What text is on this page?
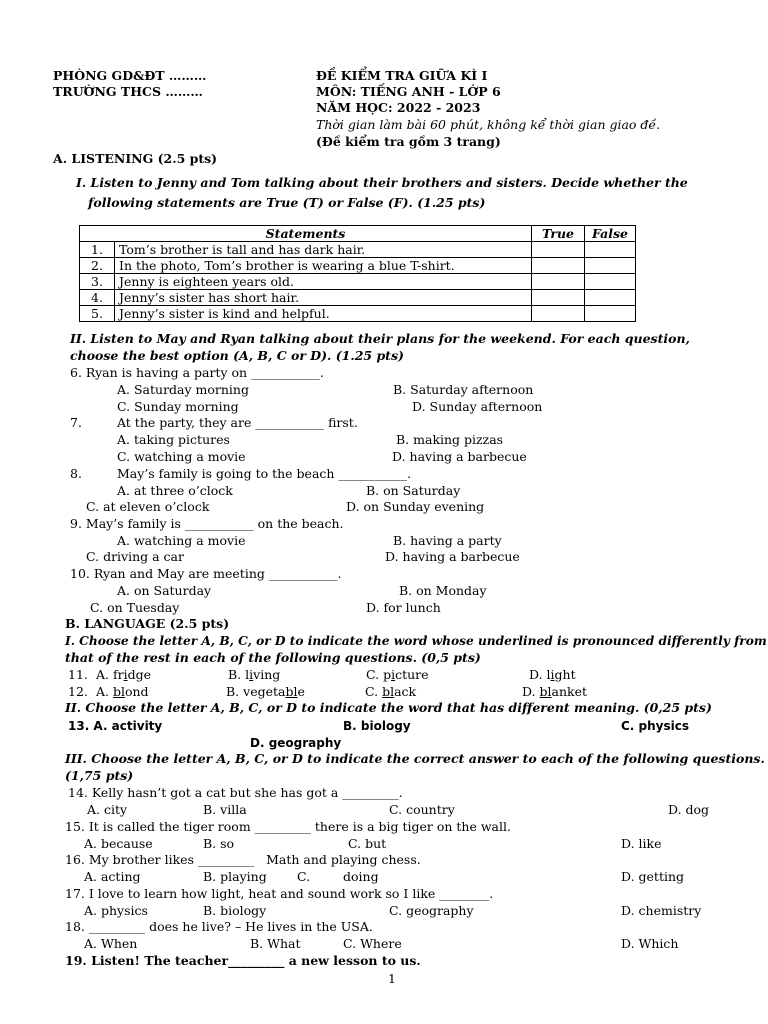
PHÒNG GD&ĐT ………
TRƯỜNG THCS ………
ĐỀ KIỂM TRA GIỮA KÌ I
MÔN: TIẾNG ANH - LỚP 6
NĂM HỌC: 2022 - 2023
Thời gian làm bài 60 phút, không kể thời gian giao đề.
(Đề kiểm tra gồm 3 trang)
A. LISTENING (2.5 pts)
I. Listen to Jenny and Tom talking about their brothers and sisters. Decide whether the
following statements are True (T) or False (F). (1.25 pts)
Statements		True	False
1.	Tom’s brother is tall and has dark hair.		
2.	In the photo, Tom’s brother is wearing a blue T-shirt.		
3.	Jenny is eighteen years old.		
4.	Jenny’s sister has short hair.		
5.	Jenny’s sister is kind and helpful.		
II. Listen to May and Ryan talking about their plans for the weekend. For each question,
choose the best option (A, B, C or D). (1.25 pts)
6. Ryan is having a party on ___________.
A. Saturday morning	B. Saturday afternoon
C. Sunday morning	D. Sunday afternoon
7.	At the party, they are ___________ first.
A. taking pictures	B. making pizzas
C. watching a movie	D. having a barbecue
8.	May’s family is going to the beach ___________.
A. at three o’clock	B. on Saturday
C. at eleven o’clock	D. on Sunday evening
9. May’s family is ___________ on the beach.
A. watching a movie	B. having a party
C. driving a car	D. having a barbecue
10. Ryan and May are meeting ___________.
A. on Saturday	B. on Monday
C. on Tuesday	D. for lunch
B. LANGUAGE (2.5 pts)
I. Choose the letter A, B, C, or D to indicate the word whose underlined is pronounced differently from
that of the rest in each of the following questions. (0,5 pts)
11. A. fridge	B. living	C. picture	D. light
12. A. blond	B. vegetable	C. black	D. blanket
II. Choose the letter A, B, C, or D to indicate the word that has different meaning. (0,25 pts)
13. A. activity	B. biology	C. physics
D. geography
III. Choose the letter A, B, C, or D to indicate the correct answer to each of the following questions.
(1,75 pts)
14. Kelly hasn’t got a cat but she has got a _________.
A. city	B. villa	C. country	D. dog
15. It is called the tiger room _________ there is a big tiger on the wall.
A. because	B. so	C. but	D. like
16. My brother likes _________   Math and playing chess.
A. acting	B. playing C.	doing	D. getting
17. I love to learn how light, heat and sound work so I like ________.
A. physics	B. biology	C. geography	D. chemistry
18. _________ does he live? – He lives in the USA.
A. When	B. What	C. Where	D. Which
19. Listen! The teacher_________ a new lesson to us.
1
